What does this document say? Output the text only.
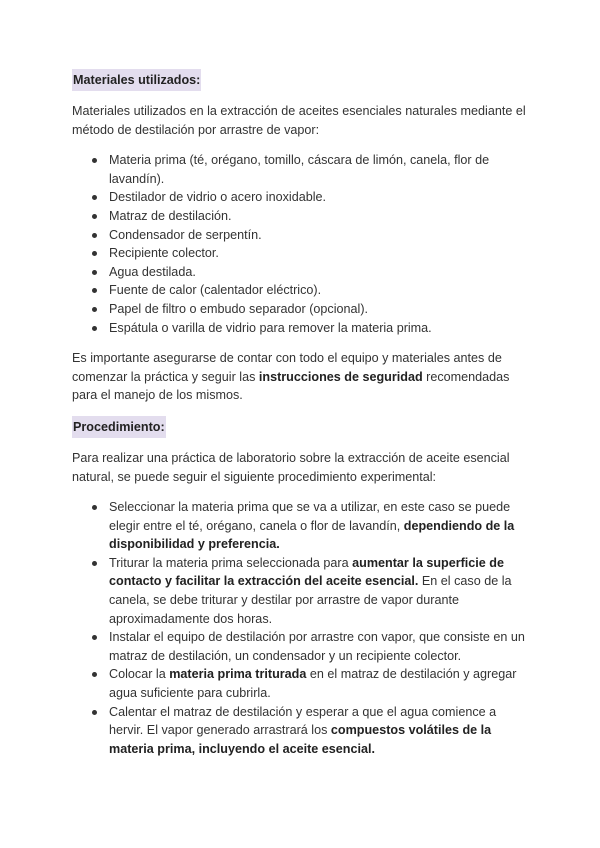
Materiales utilizados:

Materiales utilizados en la extracción de aceites esenciales naturales mediante el método de destilación por arrastre de vapor:

Materia prima (té, orégano, tomillo, cáscara de limón, canela, flor de lavandín).
Destilador de vidrio o acero inoxidable.
Matraz de destilación.
Condensador de serpentín.
Recipiente colector.
Agua destilada.
Fuente de calor (calentador eléctrico).
Papel de filtro o embudo separador (opcional).
Espátula o varilla de vidrio para remover la materia prima.

Es importante asegurarse de contar con todo el equipo y materiales antes de comenzar la práctica y seguir las instrucciones de seguridad recomendadas para el manejo de los mismos.

Procedimiento:

Para realizar una práctica de laboratorio sobre la extracción de aceite esencial natural, se puede seguir el siguiente procedimiento experimental:

Seleccionar la materia prima que se va a utilizar, en este caso se puede elegir entre el té, orégano, canela o flor de lavandín, dependiendo de la disponibilidad y preferencia.
Triturar la materia prima seleccionada para aumentar la superficie de contacto y facilitar la extracción del aceite esencial. En el caso de la canela, se debe triturar y destilar por arrastre de vapor durante aproximadamente dos horas.
Instalar el equipo de destilación por arrastre con vapor, que consiste en un matraz de destilación, un condensador y un recipiente colector.
Colocar la materia prima triturada en el matraz de destilación y agregar agua suficiente para cubrirla.
Calentar el matraz de destilación y esperar a que el agua comience a hervir. El vapor generado arrastrará los compuestos volátiles de la materia prima, incluyendo el aceite esencial.
